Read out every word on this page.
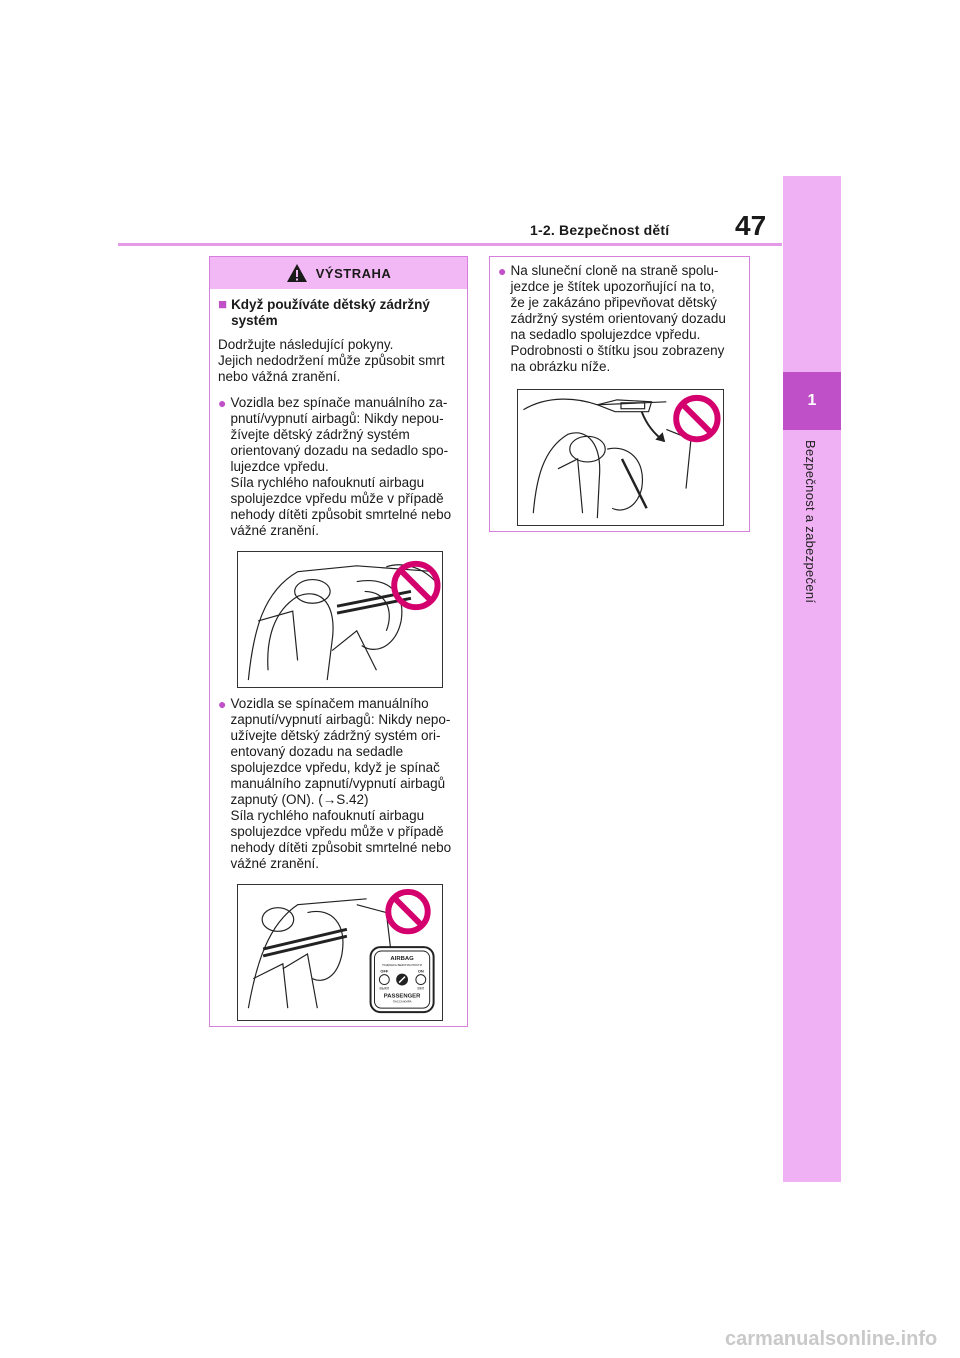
1-2. Bezpečnost dětí 47
1
Bezpečnost a zabezpečení
VÝSTRAHA
■ Když používáte dětský zádržný systém
Dodržujte následující pokyny.
Jejich nedodržení může způsobit smrt nebo vážná zranění.
● Vozidla bez spínače manuálního za-
pnutí/vypnutí airbagů: Nikdy nepou-
žívejte dětský zádržný systém
orientovaný dozadu na sedadlo spo-
lujezdce vpředu.
Síla rychlého nafouknutí airbagu
spolujezdce vpředu může v případě
nehody dítěti způsobit smrtelné nebo
vážné zranění.
● Vozidla se spínačem manuálního
zapnutí/vypnutí airbagů: Nikdy nepo-
užívejte dětský zádržný systém ori-
entovaný dozadu na sedadle
spolujezdce vpředu, když je spínač
manuálního zapnutí/vypnutí airbagů
zapnutý (ON). (→S.42)
Síla rychlého nafouknutí airbagu
spolujezdce vpředu může v případě
nehody dítěti způsobit smrtelné nebo
vážné zranění.
AIRBAG
ПОДУШКА БЕЗОПАСНОСТИ
OFF	ON
ВЫКЛ	ВКЛ
PASSENGER
ПАССАЖИРА
● Na sluneční cloně na straně spolu-
jezdce je štítek upozorňující na to,
že je zakázáno připevňovat dětský
zádržný systém orientovaný dozadu
na sedadlo spolujezdce vpředu.
Podrobnosti o štítku jsou zobrazeny
na obrázku níže.
carmanualsonline.info
